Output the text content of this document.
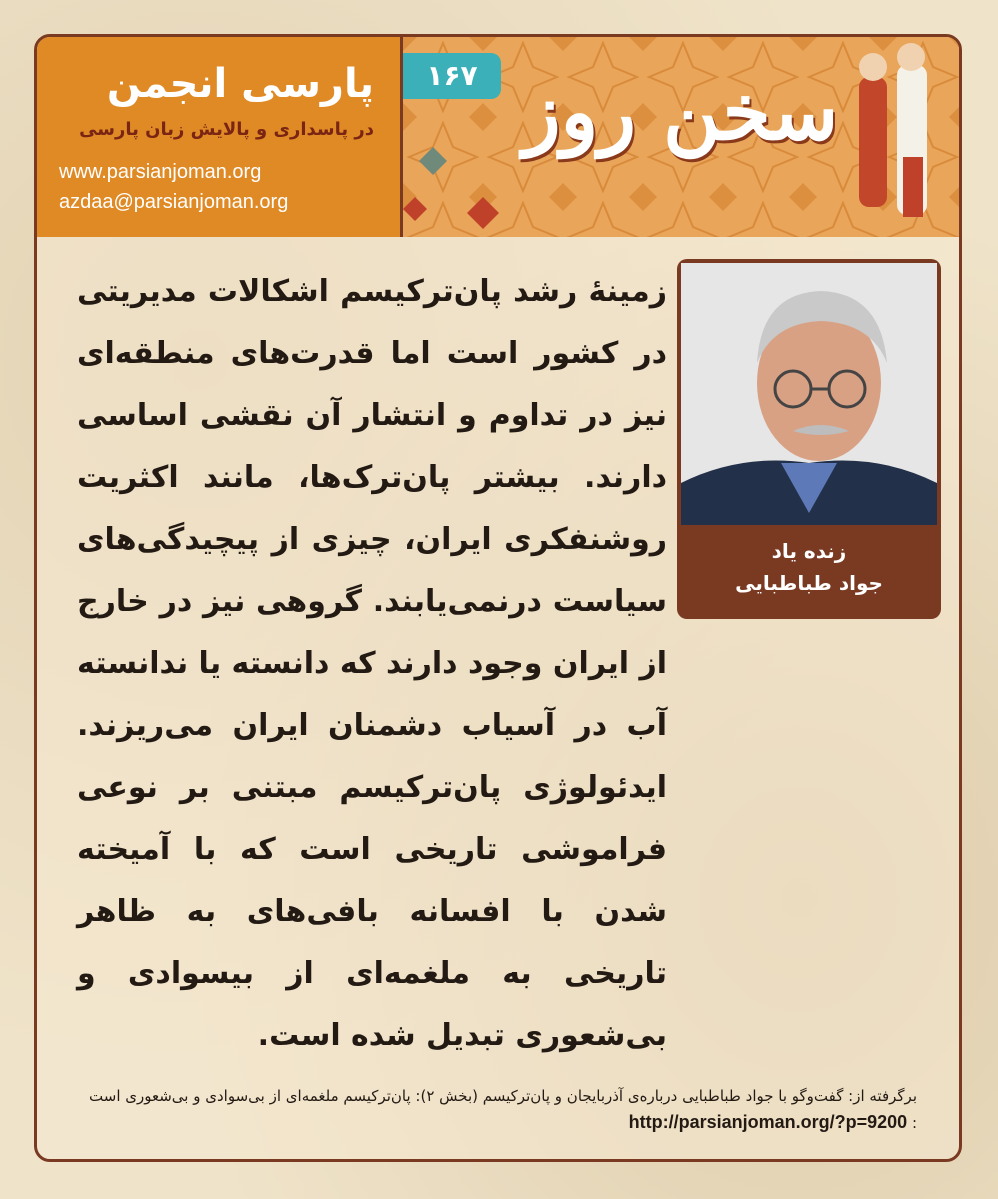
پارسی انجمن
در پاسداری و پالایش زبان پارسی
www.parsianjoman.org
azdaa@parsianjoman.org
سخن روز
۱۶۷
زمینهٔ رشد پان‌ترکیسم اشکالات مدیریتی در کشور است اما قدرت‌های منطقه‌ای نیز در تداوم و انتشار آن نقشی اساسی دارند. بیشتر پان‌ترک‌ها، مانند اکثریت روشنفکری ایران، چیزی از پیچیدگی‌های سیاست درنمی‌یابند. گروهی نیز در خارج از ایران وجود دارند که دانسته یا ندانسته آب در آسیاب دشمنان ایران می‌ریزند. ایدئولوژی پان‌ترکیسم مبتنی بر نوعی فراموشی تاریخی است که با آمیخته شدن با افسانه بافی‌های به ظاهر تاریخی به ملغمه‌ای از بیسوادی و بی‌شعوری تبدیل شده است.
زنده یاد
جواد طباطبایی
برگرفته از: گفت‌وگو با جواد طباطبایی درباره‌ی آذربایجان و پان‌ترکیسم (بخش ۲): پان‌ترکیسم ملغمه‌ای از بی‌سوادی و بی‌شعوری است : http://parsianjoman.org/?p=9200
